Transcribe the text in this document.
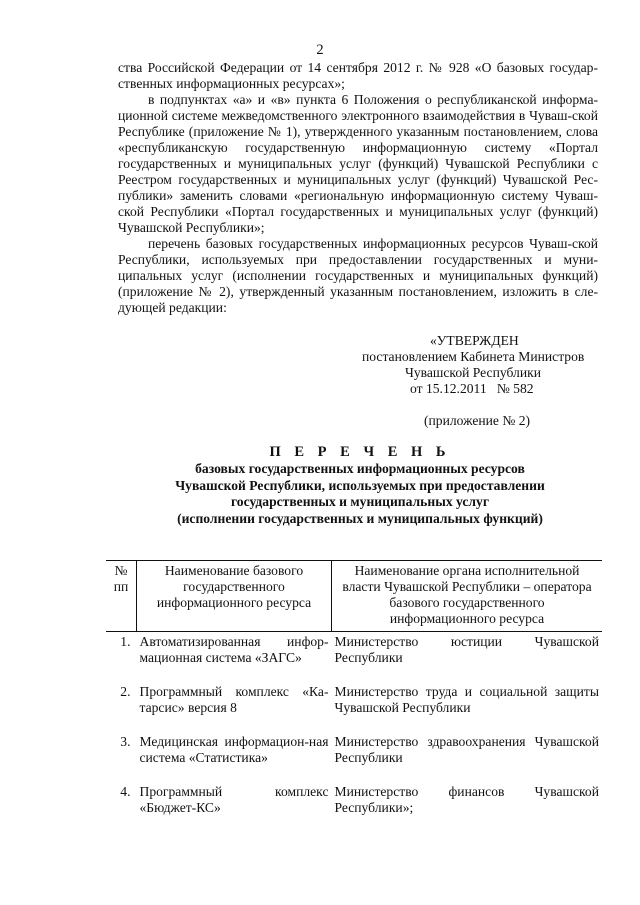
2

ства Российской Федерации от 14 сентября 2012 г. № 928 «О базовых государ-ственных информационных ресурсах»;

в подпунктах «а» и «в» пункта 6 Положения о республиканской информа-ционной системе межведомственного электронного взаимодействия в Чуваш-ской Республике (приложение № 1), утвержденного указанным постановлением, слова «республиканскую государственную информационную систему «Портал государственных и муниципальных услуг (функций) Чувашской Республики с Реестром государственных и муниципальных услуг (функций) Чувашской Рес-публики» заменить словами «региональную информационную систему Чуваш-ской Республики «Портал государственных и муниципальных услуг (функций) Чувашской Республики»;

перечень базовых государственных информационных ресурсов Чуваш-ской Республики, используемых при предоставлении государственных и муни-ципальных услуг (исполнении государственных и муниципальных функций) (приложение № 2), утвержденный указанным постановлением, изложить в сле-дующей редакции:

«УТВЕРЖДЕН
постановлением Кабинета Министров
Чувашской Республики
от 15.12.2011   № 582
(приложение № 2)
П Е Р Е Ч Е Н Ь
базовых государственных информационных ресурсов
Чувашской Республики, используемых при предоставлении
государственных и муниципальных услуг
(исполнении государственных и муниципальных функций)
№ пп	Наименование базового государственного информационного ресурса	Наименование органа исполнительной власти Чувашской Республики – оператора базового государственного информационного ресурса
1.	Автоматизированная инфор-мационная система «ЗАГС»	Министерство юстиции Чувашской Республики
2.	Программный комплекс «Ка-тарсис» версия 8	Министерство труда и социальной защиты Чувашской Республики
3.	Медицинская информацион-ная система «Статистика»	Министерство здравоохранения Чувашской Республики
4.	Программный комплекс «Бюджет-КС»	Министерство финансов Чувашской Республики»;
